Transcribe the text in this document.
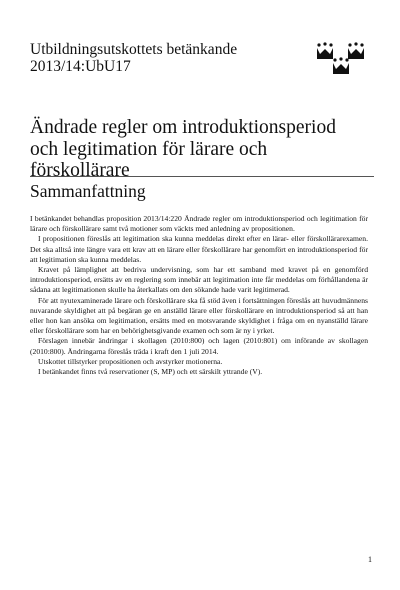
Utbildningsutskottets betänkande
2013/14:UbU17
Ändrade regler om introduktionsperiod
och legitimation för lärare och
förskollärare
Sammanfattning

I betänkandet behandlas proposition 2013/14:220 Ändrade regler om introduktionsperiod och legitimation för lärare och förskollärare samt två motioner som väckts med anledning av propositionen.

I propositionen föreslås att legitimation ska kunna meddelas direkt efter en lärar- eller förskollärarexamen. Det ska alltså inte längre vara ett krav att en lärare eller förskollärare har genomfört en introduktionsperiod för att legitimation ska kunna meddelas.

Kravet på lämplighet att bedriva undervisning, som har ett samband med kravet på en genomförd introduktionsperiod, ersätts av en reglering som innebär att legitimation inte får meddelas om förhållandena är sådana att legitimationen skulle ha återkallats om den sökande hade varit legitimerad.

För att nyutexaminerade lärare och förskollärare ska få stöd även i fortsättningen föreslås att huvudmännens nuvarande skyldighet att på begäran ge en anställd lärare eller förskollärare en introduktionsperiod så att han eller hon kan ansöka om legitimation, ersätts med en motsvarande skyldighet i fråga om en nyanställd lärare eller förskollärare som har en behörighetsgivande examen och som är ny i yrket.

Förslagen innebär ändringar i skollagen (2010:800) och lagen (2010:801) om införande av skollagen (2010:800). Ändringarna föreslås träda i kraft den 1 juli 2014.

Utskottet tillstyrker propositionen och avstyrker motionerna.

I betänkandet finns två reservationer (S, MP) och ett särskilt yttrande (V).

1
